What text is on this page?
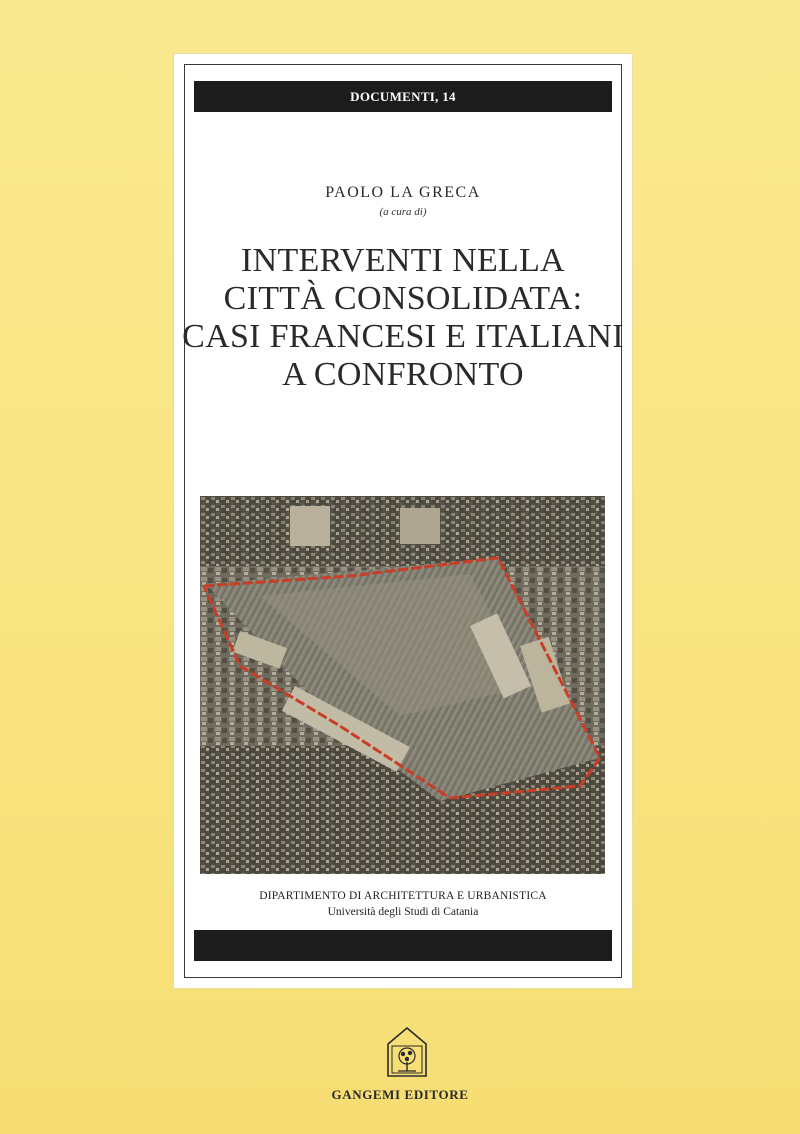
DOCUMENTI, 14
PAOLO LA GRECA
(a cura di)
INTERVENTI NELLA
CITTÀ CONSOLIDATA:
CASI FRANCESI E ITALIANI
A CONFRONTO
DIPARTIMENTO DI ARCHITETTURA E URBANISTICA
Università degli Studi di Catania
GANGEMI EDITORE
